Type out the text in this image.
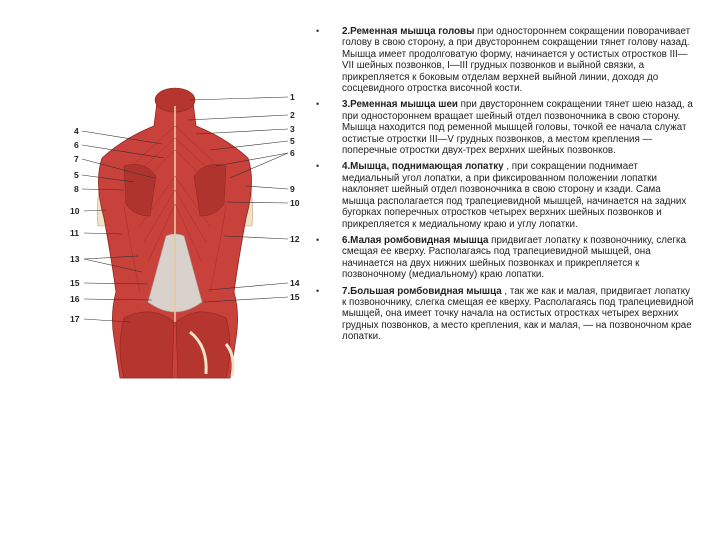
4
6
7
5
8
10
11
13
15
16
17
1
2
3
5
6
9
10
12
14
15
• 2.Ременная мышца головы при одностороннем сокращении поворачивает голову в свою сторону, а при двустороннем сокращении тянет голову назад. Мышца имеет продолговатую форму, начинается у остистых отростков III—VII шейных позвонков, I—III грудных позвонков и выйной связки, а прикрепляется к боковым отделам верхней выйной линии, доходя до сосцевидного отростка височной кости.
• 3.Ременная мышца шеи при двустороннем сокращении тянет шею назад, а при одностороннем вращает шейный отдел позвоночника в свою сторону. Мышца находится под ременной мышцей головы, точкой ее начала служат остистые отростки III—V грудных позвонков, а местом крепления — поперечные отростки двух-трех верхних шейных позвонков.
• 4.Мышца, поднимающая лопатку , при сокращении поднимает медиальный угол лопатки, а при фиксированном положении лопатки наклоняет шейный отдел позвоночника в свою сторону и кзади. Сама мышца располагается под трапециевидной мышцей, начинается на задних бугорках поперечных отростков четырех верхних шейных позвонков и прикрепляется к медиальному краю и углу лопатки.
• 6.Малая ромбовидная мышца придвигает лопатку к позвоночнику, слегка смещая ее кверху. Располагаясь под трапециевидной мышцей, она начинается на двух нижних шейных позвонках и прикрепляется к позвоночному (медиальному) краю лопатки.
• 7.Большая ромбовидная мышца , так же как и малая, придвигает лопатку к позвоночнику, слегка смещая ее кверху. Располагаясь под трапециевидной мышцей, она имеет точку начала на остистых отростках четырех верхних грудных позвонков, а место крепления, как и малая, — на позвоночном крае лопатки.
